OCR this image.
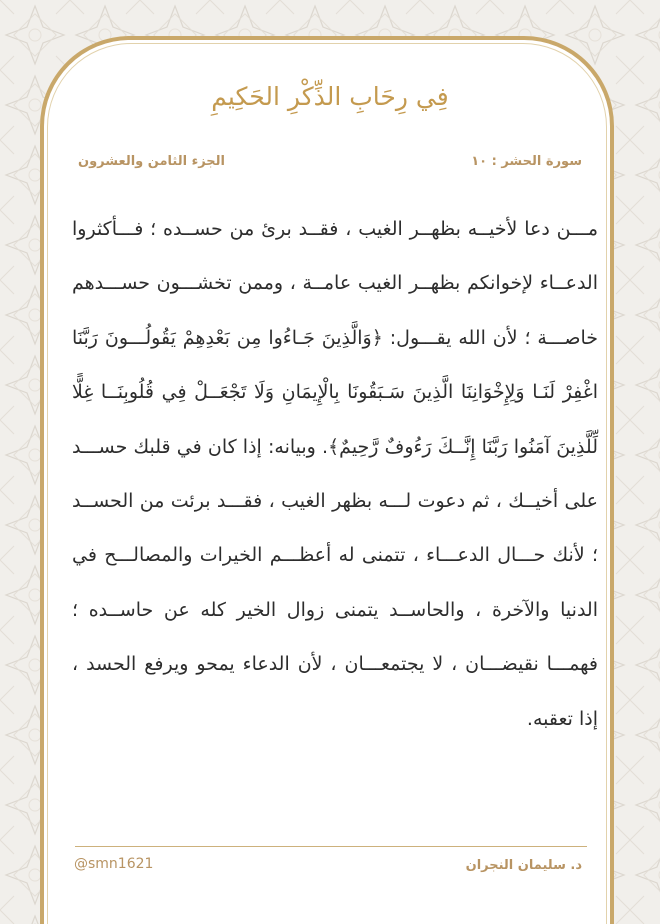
فِي رِحَابِ الذِّكْرِ الحَكِيمِ
سورة الحشر : ١٠
الجزء الثامن والعشرون

مـــن دعا لأخيــه بظهــر الغيب ، فقــد برئ من حســده ؛ فـــأكثروا الدعــاء لإخوانكم بظهــر الغيب عامــة ، وممن تخشـــون حســـدهم خاصـــة ؛ لأن الله يقـــول: ﴿وَالَّذِينَ جَـاءُوا مِن بَعْدِهِمْ يَقُولُـــونَ رَبَّنَا اغْفِرْ لَنَـا وَلِإِخْوَانِنَا الَّذِينَ سَـبَقُونَا بِالْإِيمَانِ وَلَا تَجْعَــلْ فِي قُلُوبِنَــا غِلًّا لِّلَّذِينَ آمَنُوا رَبَّنَا إِنَّــكَ رَءُوفٌ رَّحِيمٌ﴾. وبيانه: إذا كان في قلبك حســـد على أخيــك ، ثم دعوت لـــه بظهر الغيب ، فقـــد برئت من الحســد ؛ لأنك حـــال الدعـــاء ، تتمنى له أعظـــم الخيرات والمصالـــح في الدنيا والآخرة ، والحاســد يتمنى زوال الخير كله عن حاســده ؛ فهمـــا نقيضـــان ، لا يجتمعـــان ، لأن الدعاء يمحو ويرفع الحسد ، إذا تعقبه.

د. سليمان النجران
@smn1621
